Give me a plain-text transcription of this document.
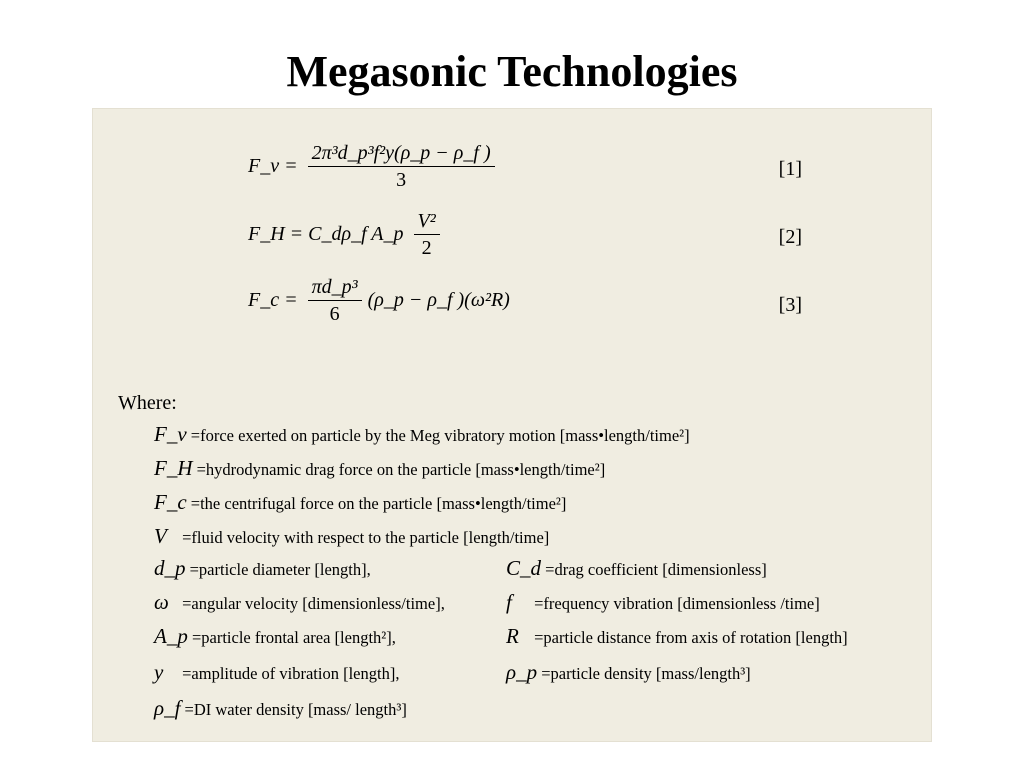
Megasonic Technologies
F_v = $\frac{\text{2π³d\_p³f²y(ρ\_p − ρ\_f )}}{3}$	[1]
F_H = C_dρ_f A_p $\frac{\text{V²}}{2}$	[2]
F_c = $\frac{\text{πd\_p³}}{6}$ (ρ_p − ρ_f )(ω²R)	[3]
Where:
F_v =force exerted on particle by the Meg vibratory motion [mass•length/time²]
F_H =hydrodynamic drag force on the particle [mass•length/time²]
F_c =the centrifugal force on the particle [mass•length/time²]
V =fluid velocity with respect to the particle [length/time]
d_p =particle diameter [length],	C_d =drag coefficient [dimensionless]
ω =angular velocity [dimensionless/time],	f =frequency vibration [dimensionless /time]
A_p =particle frontal area [length²],	R =particle distance from axis of rotation [length]
y =amplitude of vibration [length],	ρ_p =particle density [mass/length³]
ρ_f =DI water density [mass/ length³]
